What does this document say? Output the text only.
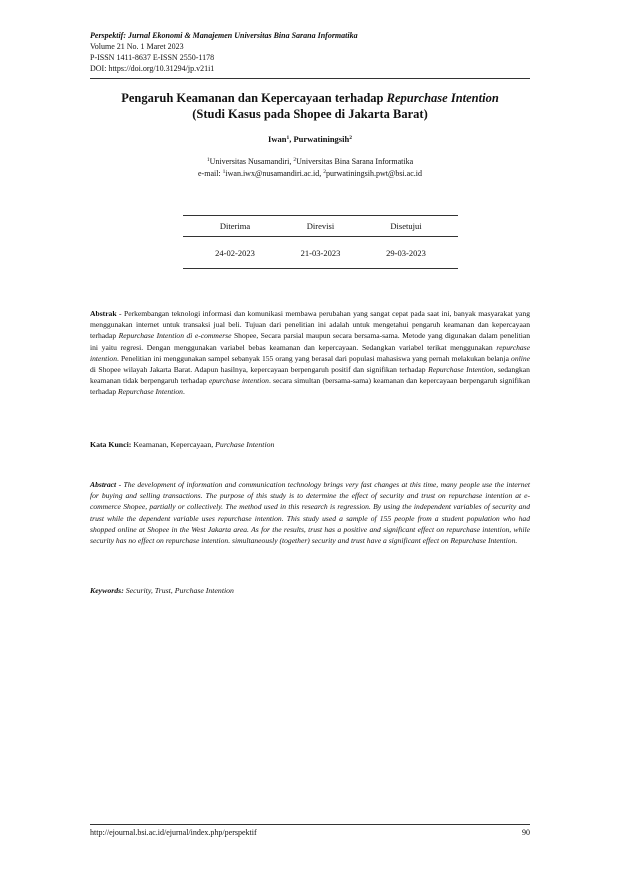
Perspektif: Jurnal Ekonomi & Manajemen Universitas Bina Sarana Informatika
Volume 21 No. 1 Maret 2023
P-ISSN 1411-8637 E-ISSN 2550-1178
DOI: https://doi.org/10.31294/jp.v21i1
Pengaruh Keamanan dan Kepercayaan terhadap Repurchase Intention
(Studi Kasus pada Shopee di Jakarta Barat)
Iwan$^1$, Purwatiningsih$^2$
$^1$Universitas Nusamandiri, $^2$Universitas Bina Sarana Informatika
e-mail: $^1$iwan.iwx@nusamandiri.ac.id, $^2$purwatiningsih.pwt@bsi.ac.id
Diterima	Direvisi	Disetujui
24-02-2023	21-03-2023	29-03-2023
Abstrak - Perkembangan teknologi informasi dan komunikasi membawa perubahan yang sangat cepat pada saat ini, banyak masyarakat yang menggunakan internet untuk transaksi jual beli. Tujuan dari penelitian ini adalah untuk mengetahui pengaruh keamanan dan kepercayaan terhadap Repurchase Intention di e-commerse Shopee, Secara parsial maupun secara bersama-sama. Metode yang digunakan dalam penelitian ini yaitu regresi. Dengan menggunakan variabel bebas keamanan dan kepercayaan. Sedangkan variabel terikat menggunakan repurchase intention. Penelitian ini menggunakan sampel sebanyak 155 orang yang berasal dari populasi mahasiswa yang pernah melakukan belanja online di Shopee wilayah Jakarta Barat. Adapun hasilnya, kepercayaan berpengaruh positif dan signifikan terhadap Repurchase Intention, sedangkan keamanan tidak berpengaruh terhadap epurchase intention. secara simultan (bersama-sama) keamanan dan kepercayaan berpengaruh signifikan terhadap Repurchase Intention.
Kata Kunci: Keamanan, Kepercayaan, Purchase Intention
Abstract - The development of information and communication technology brings very fast changes at this time, many people use the internet for buying and selling transactions. The purpose of this study is to determine the effect of security and trust on repurchase intention at e-commerce Shopee, partially or collectively. The method used in this research is regression. By using the independent variables of security and trust while the dependent variable uses repurchase intention. This study used a sample of 155 people from a student population who had shopped online at Shopee in the West Jakarta area. As for the results, trust has a positive and significant effect on repurchase intention, while security has no effect on repurchase intention. simultaneously (together) security and trust have a significant effect on Repurchase Intention.
Keywords: Security, Trust, Purchase Intention
http://ejournal.bsi.ac.id/ejurnal/index.php/perspektif	90
